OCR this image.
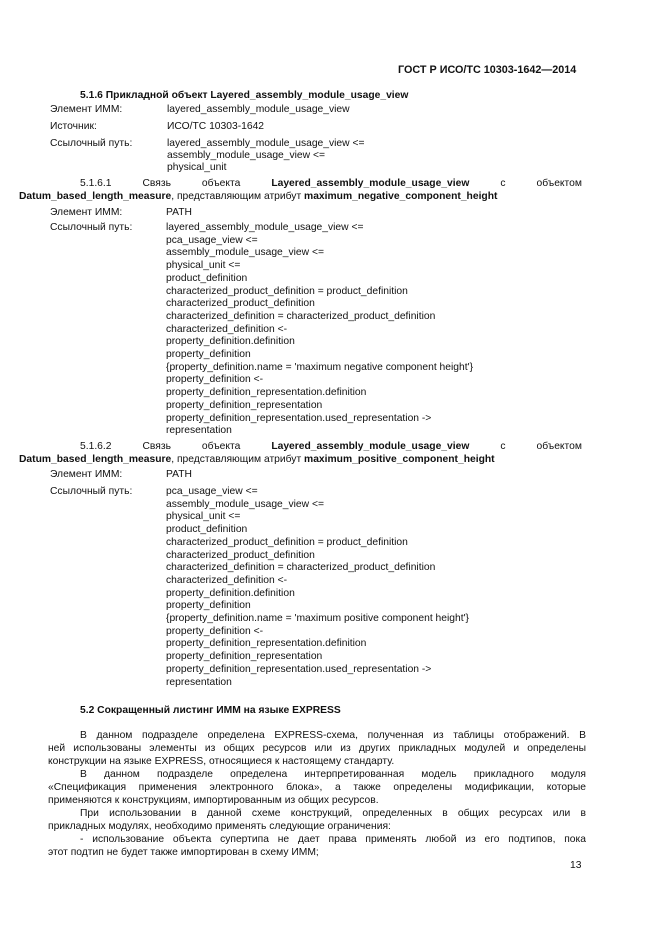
ГОСТ Р ИСО/ТС 10303-1642—2014
5.1.6 Прикладной объект Layered_assembly_module_usage_view
Элемент ИММ:	layered_assembly_module_usage_view
Источник:	ИСО/ТС 10303-1642
Ссылочный путь:	layered_assembly_module_usage_view <=
assembly_module_usage_view <=
physical_unit
5.1.6.1	Связь	объекта	Layered_assembly_module_usage_view	с	объектом
Datum_based_length_measure, представляющим атрибут maximum_negative_component_height
Элемент ИММ:	PATH
Ссылочный путь:	layered_assembly_module_usage_view <=
pca_usage_view <=
assembly_module_usage_view <=
physical_unit <=
product_definition
characterized_product_definition = product_definition
characterized_product_definition
characterized_definition = characterized_product_definition
characterized_definition <-
property_definition.definition
property_definition
{property_definition.name = 'maximum negative component height'}
property_definition <-
property_definition_representation.definition
property_definition_representation
property_definition_representation.used_representation ->
representation
5.1.6.2	Связь	объекта	Layered_assembly_module_usage_view	с	объектом
Datum_based_length_measure, представляющим атрибут maximum_positive_component_height
Элемент ИММ:	PATH
Ссылочный путь:	pca_usage_view <=
assembly_module_usage_view <=
physical_unit <=
product_definition
characterized_product_definition = product_definition
characterized_product_definition
characterized_definition = characterized_product_definition
characterized_definition <-
property_definition.definition
property_definition
{property_definition.name = 'maximum positive component height'}
property_definition <-
property_definition_representation.definition
property_definition_representation
property_definition_representation.used_representation ->
representation
5.2 Сокращенный листинг ИММ на языке EXPRESS
В данном подразделе определена EXPRESS-схема, полученная из таблицы отображений. В
ней использованы элементы из общих ресурсов или из других прикладных модулей и определены
конструкции на языке EXPRESS, относящиеся к настоящему стандарту.
В данном подразделе определена интерпретированная модель прикладного модуля
«Спецификация применения электронного блока», а также определены модификации, которые
применяются к конструкциям, импортированным из общих ресурсов.
При использовании в данной схеме конструкций, определенных в общих ресурсах или в
прикладных модулях, необходимо применять следующие ограничения:
- использование объекта супертипа не дает права применять любой из его подтипов, пока
этот подтип не будет также импортирован в схему ИММ;
13
